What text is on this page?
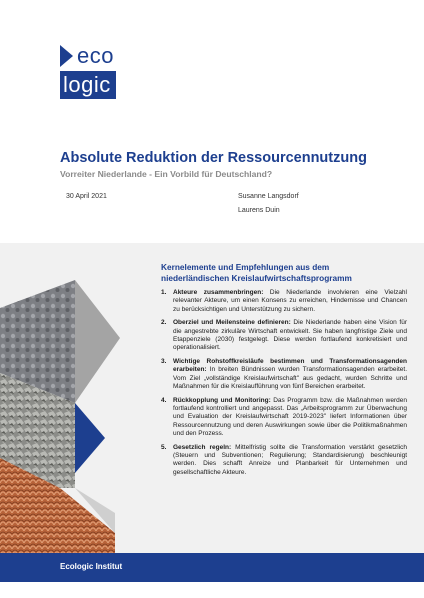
eco
logic
Absolute Reduktion der Ressourcennutzung
Vorreiter Niederlande - Ein Vorbild für Deutschland?
30 April 2021	Susanne Langsdorf
Laurens Duin
Kernelemente und Empfehlungen aus dem
niederländischen Kreislaufwirtschaftsprogramm
1.	Akteure zusammenbringen: Die Niederlande involvieren eine Vielzahl relevanter Akteure, um einen Konsens zu erreichen, Hindernisse und Chancen zu berücksichtigen und Unterstützung zu sichern.
2.	Oberziel und Meilensteine definieren: Die Niederlande haben eine Vision für die angestrebte zirkuläre Wirtschaft entwickelt. Sie haben langfristige Ziele und Etappenziele (2030) festgelegt. Diese werden fortlaufend konkretisiert und operationalisiert.
3.	Wichtige Rohstoffkreisläufe bestimmen und Transformationsagenden erarbeiten: In breiten Bündnissen wurden Transformationsagenden erarbeitet. Vom Ziel „vollständige Kreislaufwirtschaft" aus gedacht, wurden Schritte und Maßnahmen für die Kreislaufführung von fünf Bereichen erarbeitet.
4.	Rückkopplung und Monitoring: Das Programm bzw. die Maßnahmen werden fortlaufend kontrolliert und angepasst. Das „Arbeitsprogramm zur Überwachung und Evaluation der Kreislaufwirtschaft 2019-2023" liefert Informationen über Ressourcennutzung und deren Auswirkungen sowie über die Politikmaßnahmen und den Prozess.
5.	Gesetzlich regeln: Mittelfristig sollte die Transformation verstärkt gesetzlich (Steuern und Subventionen; Regulierung; Standardisierung) beschleunigt werden. Dies schafft Anreize und Planbarkeit für Unternehmen und gesellschaftliche Akteure.
Ecologic Institut
